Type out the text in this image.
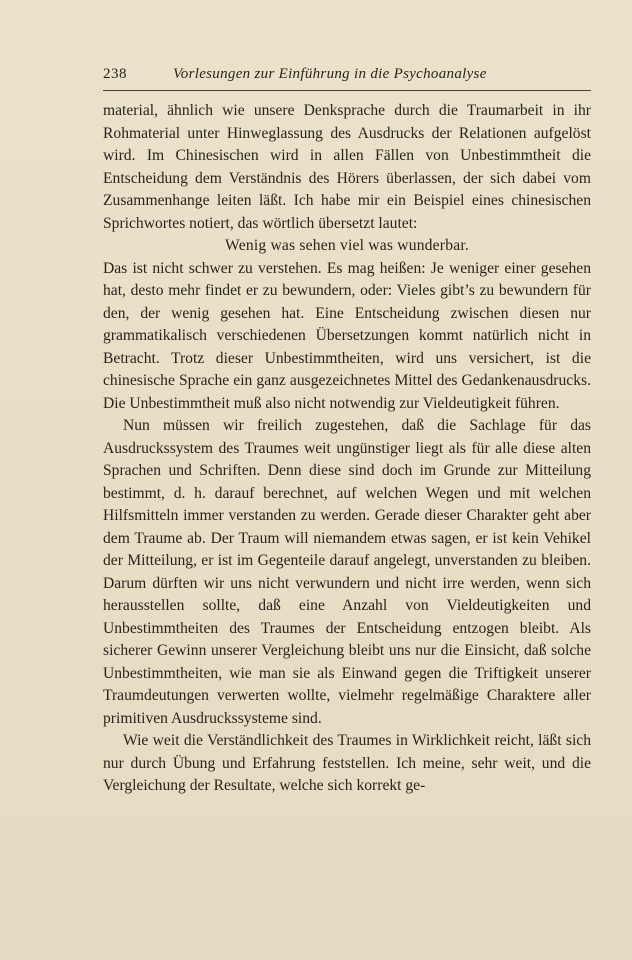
238	Vorlesungen zur Einführung in die Psychoanalyse

material, ähnlich wie unsere Denksprache durch die Traumarbeit in ihr Rohmaterial unter Hinweglassung des Ausdrucks der Relationen aufgelöst wird. Im Chinesischen wird in allen Fällen von Unbestimmtheit die Entscheidung dem Verständnis des Hörers überlassen, der sich dabei vom Zusammenhange leiten läßt. Ich habe mir ein Beispiel eines chinesischen Sprichwortes notiert, das wörtlich übersetzt lautet:

Wenig was sehen viel was wunderbar.

Das ist nicht schwer zu verstehen. Es mag heißen: Je weniger einer gesehen hat, desto mehr findet er zu bewundern, oder: Vieles gibt’s zu bewundern für den, der wenig gesehen hat. Eine Entscheidung zwischen diesen nur grammatikalisch verschiedenen Übersetzungen kommt natürlich nicht in Betracht. Trotz dieser Unbestimmtheiten, wird uns versichert, ist die chinesische Sprache ein ganz ausgezeichnetes Mittel des Gedankenausdrucks. Die Unbestimmtheit muß also nicht notwendig zur Vieldeutigkeit führen.

Nun müssen wir freilich zugestehen, daß die Sachlage für das Ausdruckssystem des Traumes weit ungünstiger liegt als für alle diese alten Sprachen und Schriften. Denn diese sind doch im Grunde zur Mitteilung bestimmt, d. h. darauf berechnet, auf welchen Wegen und mit welchen Hilfsmitteln immer verstanden zu werden. Gerade dieser Charakter geht aber dem Traume ab. Der Traum will niemandem etwas sagen, er ist kein Vehikel der Mitteilung, er ist im Gegenteile darauf angelegt, unverstanden zu bleiben. Darum dürften wir uns nicht verwundern und nicht irre werden, wenn sich herausstellen sollte, daß eine Anzahl von Vieldeutigkeiten und Unbestimmtheiten des Traumes der Entscheidung entzogen bleibt. Als sicherer Gewinn unserer Vergleichung bleibt uns nur die Einsicht, daß solche Unbestimmtheiten, wie man sie als Einwand gegen die Triftigkeit unserer Traumdeutungen verwerten wollte, vielmehr regelmäßige Charaktere aller primitiven Ausdruckssysteme sind.

Wie weit die Verständlichkeit des Traumes in Wirklichkeit reicht, läßt sich nur durch Übung und Erfahrung feststellen. Ich meine, sehr weit, und die Vergleichung der Resultate, welche sich korrekt ge-
